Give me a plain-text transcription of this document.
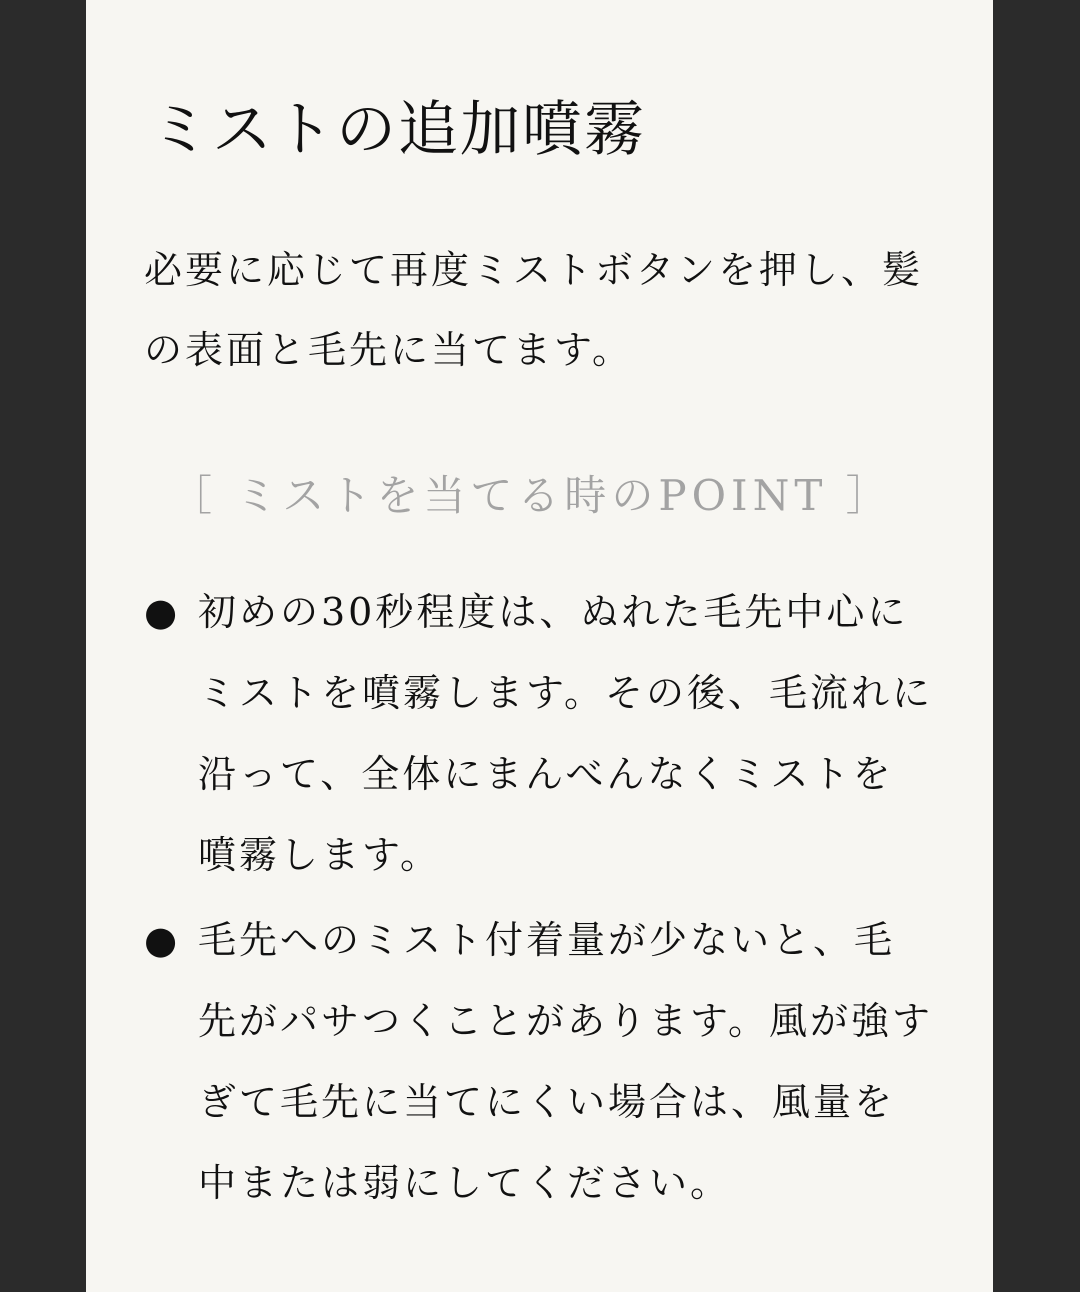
ミストの追加噴霧

必要に応じて再度ミストボタンを押し、髪の表面と毛先に当てます。

［ ミストを当てる時のPOINT ］

● 初めの30秒程度は、ぬれた毛先中心にミストを噴霧します。その後、毛流れに沿って、全体にまんべんなくミストを噴霧します。
● 毛先へのミスト付着量が少ないと、毛先がパサつくことがあります。風が強すぎて毛先に当てにくい場合は、風量を中または弱にしてください。
